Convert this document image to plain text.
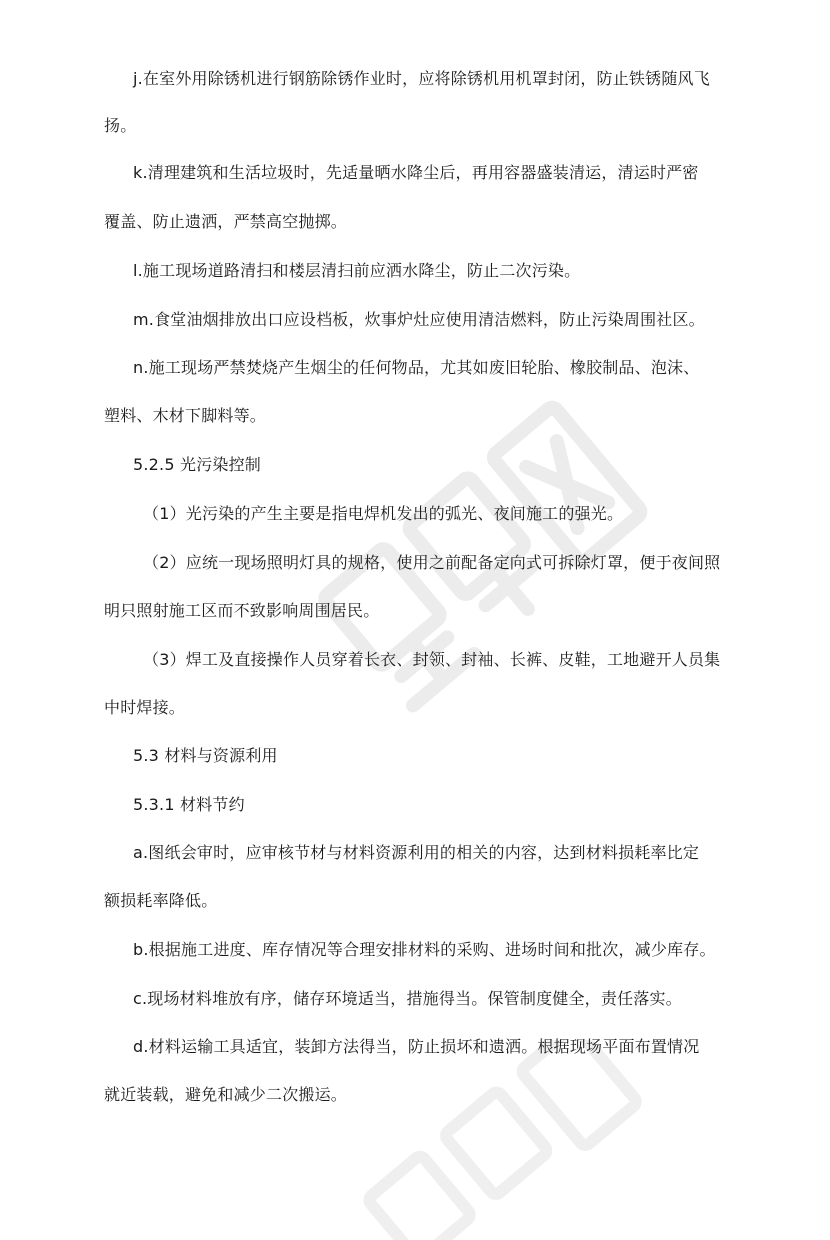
j.在室外用除锈机进行钢筋除锈作业时，应将除锈机用机罩封闭，防止铁锈随风飞
扬。
k.清理建筑和生活垃圾时，先适量晒水降尘后，再用容器盛装清运，清运时严密
覆盖、防止遗洒，严禁高空抛掷。
l.施工现场道路清扫和楼层清扫前应洒水降尘，防止二次污染。
m.食堂油烟排放出口应设档板，炊事炉灶应使用清洁燃料，防止污染周围社区。
n.施工现场严禁焚烧产生烟尘的任何物品，尤其如废旧轮胎、橡胶制品、泡沫、
塑料、木材下脚料等。
5.2.5 光污染控制
（1）光污染的产生主要是指电焊机发出的弧光、夜间施工的强光。
（2）应统一现场照明灯具的规格，使用之前配备定向式可拆除灯罩，便于夜间照
明只照射施工区而不致影响周围居民。
（3）焊工及直接操作人员穿着长衣、封领、封袖、长裤、皮鞋，工地避开人员集
中时焊接。
5.3 材料与资源利用
5.3.1 材料节约
a.图纸会审时，应审核节材与材料资源利用的相关的内容，达到材料损耗率比定
额损耗率降低。
b.根据施工进度、库存情况等合理安排材料的采购、进场时间和批次，减少库存。
c.现场材料堆放有序，储存环境适当，措施得当。保管制度健全，责任落实。
d.材料运输工具适宜，装卸方法得当，防止损坏和遗洒。根据现场平面布置情况
就近装载，避免和减少二次搬运。
